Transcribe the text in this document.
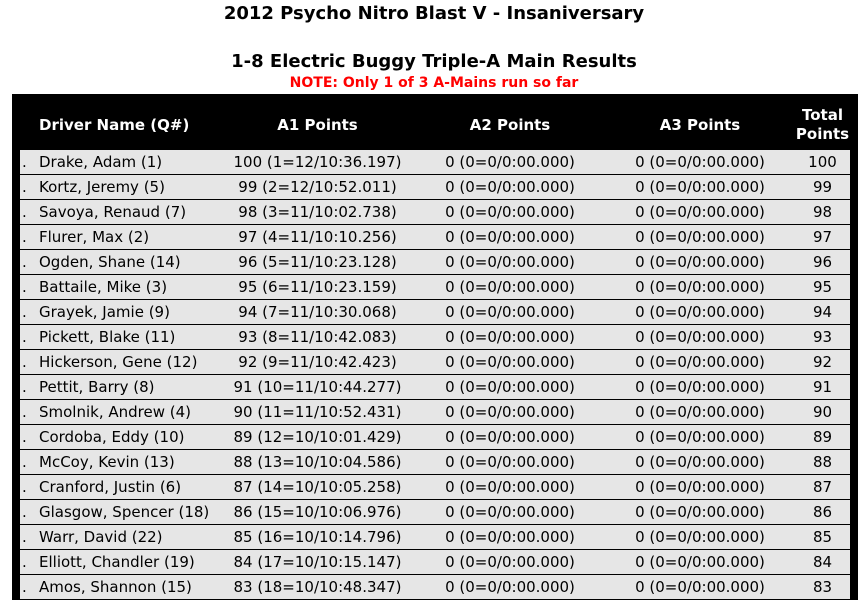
2012 Psycho Nitro Blast V - Insaniversary
1-8 Electric Buggy Triple-A Main Results
NOTE: Only 1 of 3 A-Mains run so far
Driver Name (Q#)	A1 Points	A2 Points	A3 Points	Total
Points
. Drake, Adam (1)	100 (1=12/10:36.197)	0 (0=0/0:00.000)	0 (0=0/0:00.000)	100
. Kortz, Jeremy (5)	99 (2=12/10:52.011)	0 (0=0/0:00.000)	0 (0=0/0:00.000)	99
. Savoya, Renaud (7)	98 (3=11/10:02.738)	0 (0=0/0:00.000)	0 (0=0/0:00.000)	98
. Flurer, Max (2)	97 (4=11/10:10.256)	0 (0=0/0:00.000)	0 (0=0/0:00.000)	97
. Ogden, Shane (14)	96 (5=11/10:23.128)	0 (0=0/0:00.000)	0 (0=0/0:00.000)	96
. Battaile, Mike (3)	95 (6=11/10:23.159)	0 (0=0/0:00.000)	0 (0=0/0:00.000)	95
. Grayek, Jamie (9)	94 (7=11/10:30.068)	0 (0=0/0:00.000)	0 (0=0/0:00.000)	94
. Pickett, Blake (11)	93 (8=11/10:42.083)	0 (0=0/0:00.000)	0 (0=0/0:00.000)	93
. Hickerson, Gene (12)	92 (9=11/10:42.423)	0 (0=0/0:00.000)	0 (0=0/0:00.000)	92
. Pettit, Barry (8)	91 (10=11/10:44.277)	0 (0=0/0:00.000)	0 (0=0/0:00.000)	91
. Smolnik, Andrew (4)	90 (11=11/10:52.431)	0 (0=0/0:00.000)	0 (0=0/0:00.000)	90
. Cordoba, Eddy (10)	89 (12=10/10:01.429)	0 (0=0/0:00.000)	0 (0=0/0:00.000)	89
. McCoy, Kevin (13)	88 (13=10/10:04.586)	0 (0=0/0:00.000)	0 (0=0/0:00.000)	88
. Cranford, Justin (6)	87 (14=10/10:05.258)	0 (0=0/0:00.000)	0 (0=0/0:00.000)	87
. Glasgow, Spencer (18)	86 (15=10/10:06.976)	0 (0=0/0:00.000)	0 (0=0/0:00.000)	86
. Warr, David (22)	85 (16=10/10:14.796)	0 (0=0/0:00.000)	0 (0=0/0:00.000)	85
. Elliott, Chandler (19)	84 (17=10/10:15.147)	0 (0=0/0:00.000)	0 (0=0/0:00.000)	84
. Amos, Shannon (15)	83 (18=10/10:48.347)	0 (0=0/0:00.000)	0 (0=0/0:00.000)	83
